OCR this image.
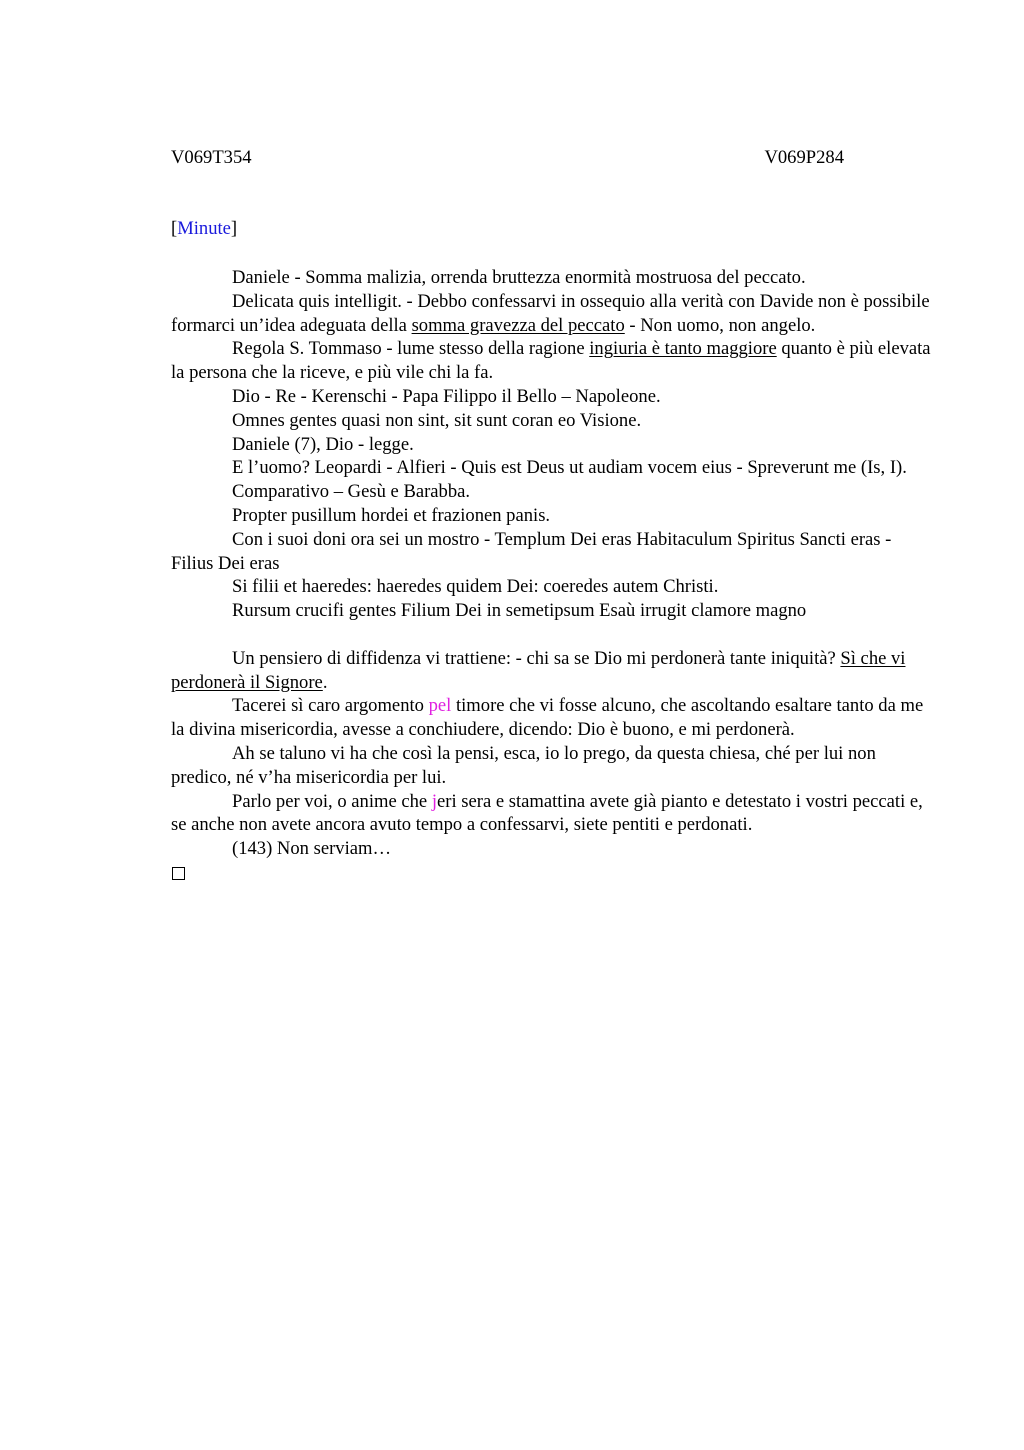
V069T354	V069P284
[Minute]

Daniele - Somma malizia, orrenda bruttezza enormità mostruosa del peccato.

Delicata quis intelligit. - Debbo confessarvi in ossequio alla verità con Davide non è possibile formarci un’idea adeguata della somma gravezza del peccato - Non uomo, non angelo.

Regola S. Tommaso - lume stesso della ragione ingiuria è tanto maggiore quanto è più elevata la persona che la riceve, e più vile chi la fa.

Dio - Re - Kerenschi - Papa Filippo il Bello – Napoleone.

Omnes gentes quasi non sint, sit sunt coran eo Visione.

Daniele (7), Dio - legge.

E l’uomo? Leopardi - Alfieri - Quis est Deus ut audiam vocem eius - Spreverunt me (Is, I).

Comparativo – Gesù e Barabba.

Propter pusillum hordei et frazionen panis.

Con i suoi doni ora sei un mostro - Templum Dei eras Habitaculum Spiritus Sancti eras - Filius Dei eras

Si filii et haeredes: haeredes quidem Dei: coeredes autem Christi.

Rursum crucifi gentes Filium Dei in semetipsum Esaù irrugit clamore magno

Un pensiero di diffidenza vi trattiene: - chi sa se Dio mi perdonerà tante iniquità? Sì che vi perdonerà il Signore.

Tacerei sì caro argomento pel timore che vi fosse alcuno, che ascoltando esaltare tanto da me la divina misericordia, avesse a conchiudere, dicendo: Dio è buono, e mi perdonerà.

Ah se taluno vi ha che così la pensi, esca, io lo prego, da questa chiesa, ché per lui non predico, né v’ha misericordia per lui.

Parlo per voi, o anime che jeri sera e stamattina avete già pianto e detestato i vostri peccati e, se anche non avete ancora avuto tempo a confessarvi, siete pentiti e perdonati.

(143) Non serviam…
